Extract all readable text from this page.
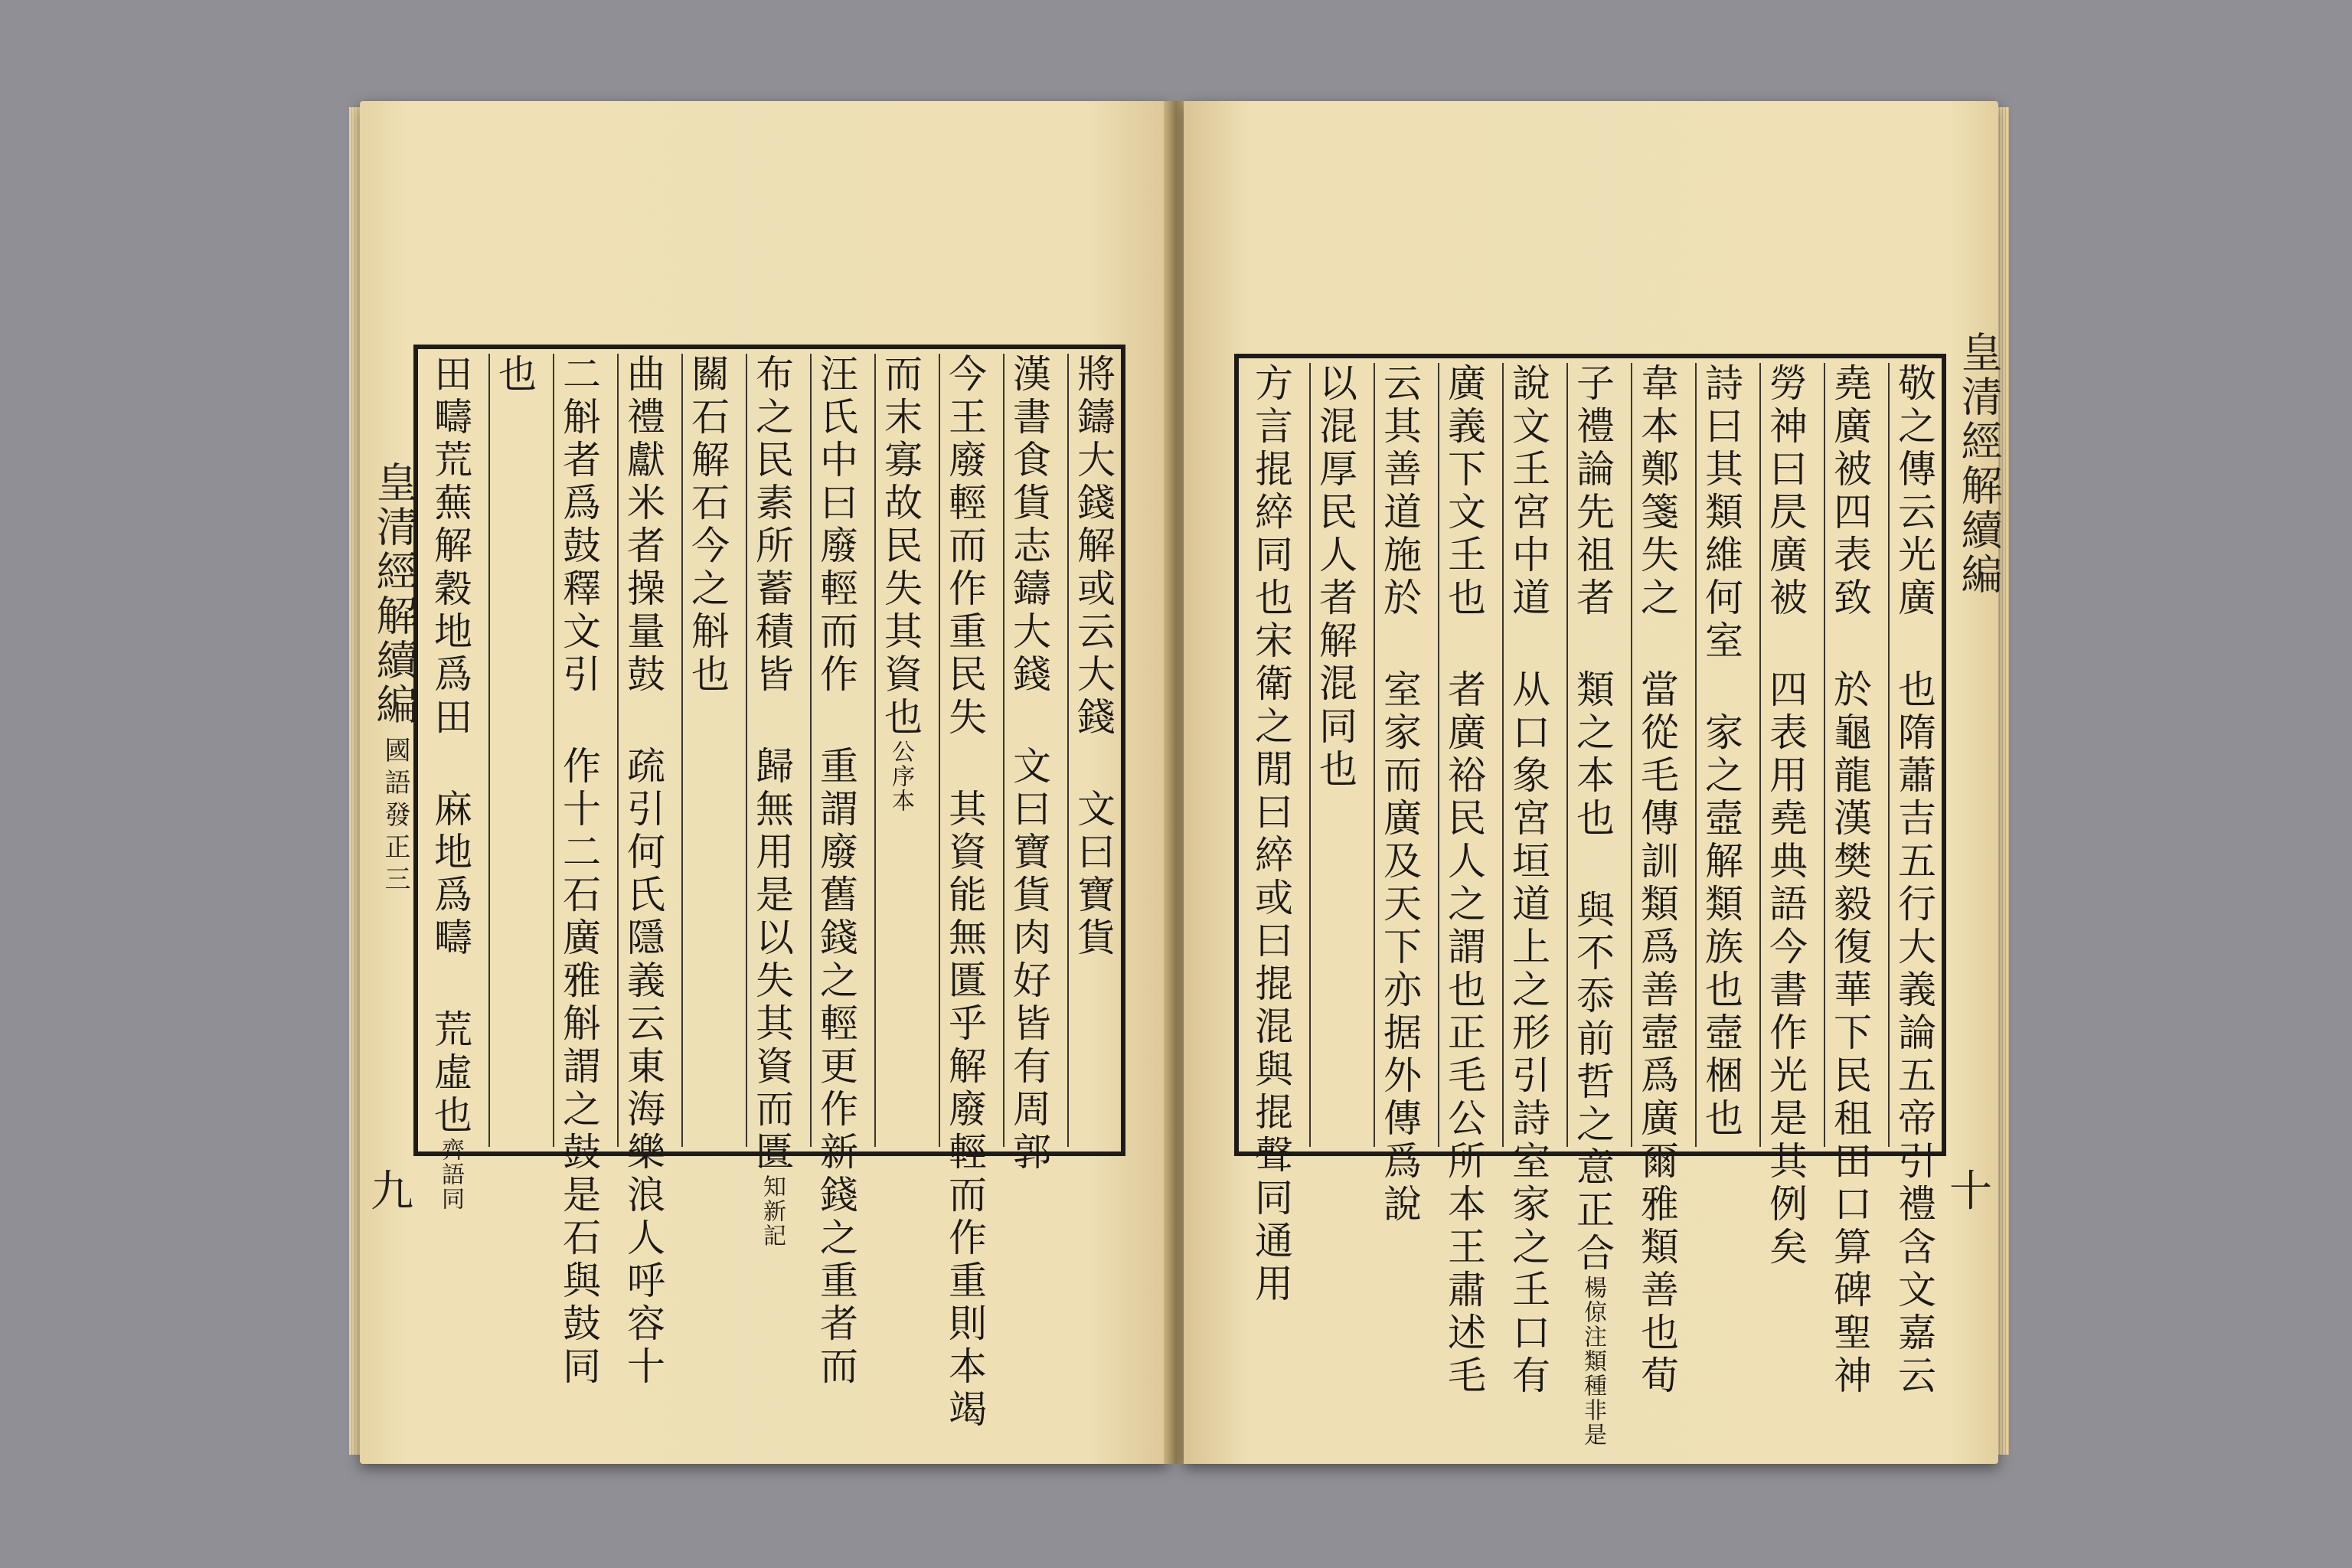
皇清經解續編
國語發正三
九
將鑄大錢解或云大錢 文曰寶貨
漢書食貨志鑄大錢 文曰寶貨肉好皆有周郭
今王廢輕而作重民失 其資能無匱乎解廢輕而作重則本竭
而末寡故民失其資也公序本
汪氏中曰廢輕而作 重謂廢舊錢之輕更作新錢之重者而
布之民素所蓄積皆 歸無用是以失其資而匱知新記
關石解石今之斛也
曲禮獻米者操量鼓 疏引何氏隱義云東海樂浪人呼容十
二斛者爲鼓釋文引 作十二石廣雅斛謂之鼓是石與鼓同
也
田疇荒蕪解穀地爲田 麻地爲疇 荒虛也齊語同
皇清經解續編
十
敬之傳云光廣 也隋蕭吉五行大義論五帝引禮含文嘉云
堯廣被四表致 於龜龍漢樊毅復華下民租田口算碑聖神
勞神曰昃廣被 四表用堯典語今書作光是其例矣
詩曰其類維何室 家之壼解類族也壼梱也
韋本鄭箋失之 當從毛傳訓類爲善壼爲廣爾雅類善也荀
子禮論先祖者 類之本也 與不忝前哲之意正合楊倞注類種非是
說文𡈼宮中道 从口象宮垣道上之形引詩室家之𡈼口有
廣義下文𡈼也 者廣裕民人之謂也正毛公所本王肅述毛
云其善道施於 室家而廣及天下亦据外傳爲說
以混厚民人者解混同也
方言掍綷同也宋衛之閒曰綷或曰掍混與掍聲同通用
